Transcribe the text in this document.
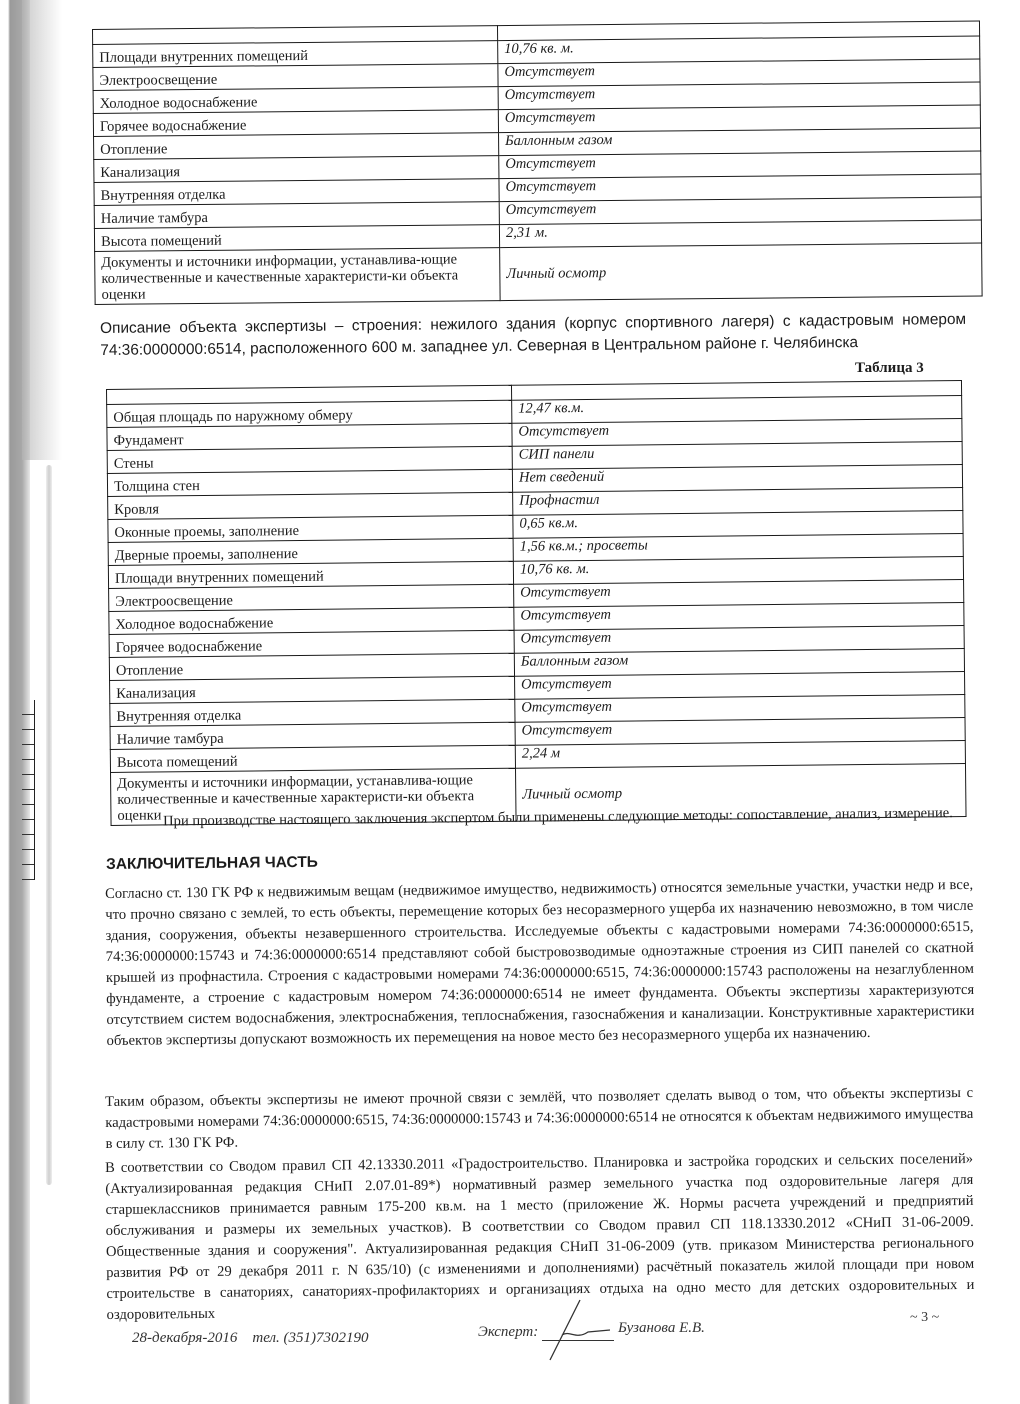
Площади внутренних помещений	10,76 кв. м.
Электроосвещение	Отсутствует
Холодное водоснабжение	Отсутствует
Горячее водоснабжение	Отсутствует
Отопление	Баллонным газом
Канализация	Отсутствует
Внутренняя отделка	Отсутствует
Наличие тамбура	Отсутствует
Высота помещений	2,31 м.
Документы и источники информации, устанавлива-ющие количественные и качественные характеристи-ки объекта оценки	Личный осмотр
Описание объекта экспертизы – строения: нежилого здания (корпус спортивного лагеря) с кадастровым номером 74:36:0000000:6514, расположенного 600 м. западнее ул. Северная в Центральном районе г. Челябинска
Таблица 3

Общая площадь по наружному обмеру	12,47 кв.м.
Фундамент	Отсутствует
Стены	СИП панели
Толщина стен	Нет сведений
Кровля	Профнастил
Оконные проемы, заполнение	0,65 кв.м.
Дверные проемы, заполнение	1,56 кв.м.; просветы
Площади внутренних помещений	10,76 кв. м.
Электроосвещение	Отсутствует
Холодное водоснабжение	Отсутствует
Горячее водоснабжение	Отсутствует
Отопление	Баллонным газом
Канализация	Отсутствует
Внутренняя отделка	Отсутствует
Наличие тамбура	Отсутствует
Высота помещений	2,24 м
Документы и источники информации, устанавлива-ющие количественные и качественные характеристи-ки объекта оценки	Личный осмотр
При производстве настоящего заключения экспертом были применены следующие методы: сопоставление, анализ, измерение.
ЗАКЛЮЧИТЕЛЬНАЯ ЧАСТЬ
Согласно ст. 130 ГК РФ к недвижимым вещам (недвижимое имущество, недвижимость) относятся земельные участки, участки недр и все, что прочно связано с землей, то есть объекты, перемещение которых без несоразмерного ущерба их назначению невозможно, в том числе здания, сооружения, объекты незавершенного строительства. Исследуемые объекты с кадастровыми номерами 74:36:0000000:6515, 74:36:0000000:15743 и 74:36:0000000:6514 представляют собой быстровозводимые одноэтажные строения из СИП панелей со скатной крышей из профнастила. Строения с кадастровыми номерами 74:36:0000000:6515, 74:36:0000000:15743 расположены на незаглубленном фундаменте, а строение с кадастровым номером 74:36:0000000:6514 не имеет фундамента. Объекты экспертизы характеризуются отсутствием систем водоснабжения, электроснабжения, теплоснабжения, газоснабжения и канализации. Конструктивные характеристики объектов экспертизы допускают возможность их перемещения на новое место без несоразмерного ущерба их назначению.
Таким образом, объекты экспертизы не имеют прочной связи с землёй, что позволяет сделать вывод о том, что объекты экспертизы с кадастровыми номерами 74:36:0000000:6515, 74:36:0000000:15743 и 74:36:0000000:6514 не относятся к объектам недвижимого имущества в силу ст. 130 ГК РФ.
В соответствии со Сводом правил СП 42.13330.2011 «Градостроительство. Планировка и застройка городских и сельских поселений» (Актуализированная редакция СНиП 2.07.01-89*) нормативный размер земельного участка под оздоровительные лагеря для старшеклассников принимается равным 175-200 кв.м. на 1 место (приложение Ж. Нормы расчета учреждений и предприятий обслуживания и размеры их земельных участков). В соответствии со Сводом правил СП 118.13330.2012 «СНиП 31-06-2009. Общественные здания и сооружения". Актуализированная редакция СНиП 31-06-2009 (утв. приказом Министерства регионального развития РФ от 29 декабря 2011 г. N 635/10) (с изменениями и дополнениями) расчётный показатель жилой площади при новом строительстве в санаториях, санаториях-профилакториях и организациях отдыха на одно место для детских оздоровительных и оздоровительных
28-декабря-2016 тел. (351)7302190	Эксперт:	Бузанова Е.В.
~ 3 ~
